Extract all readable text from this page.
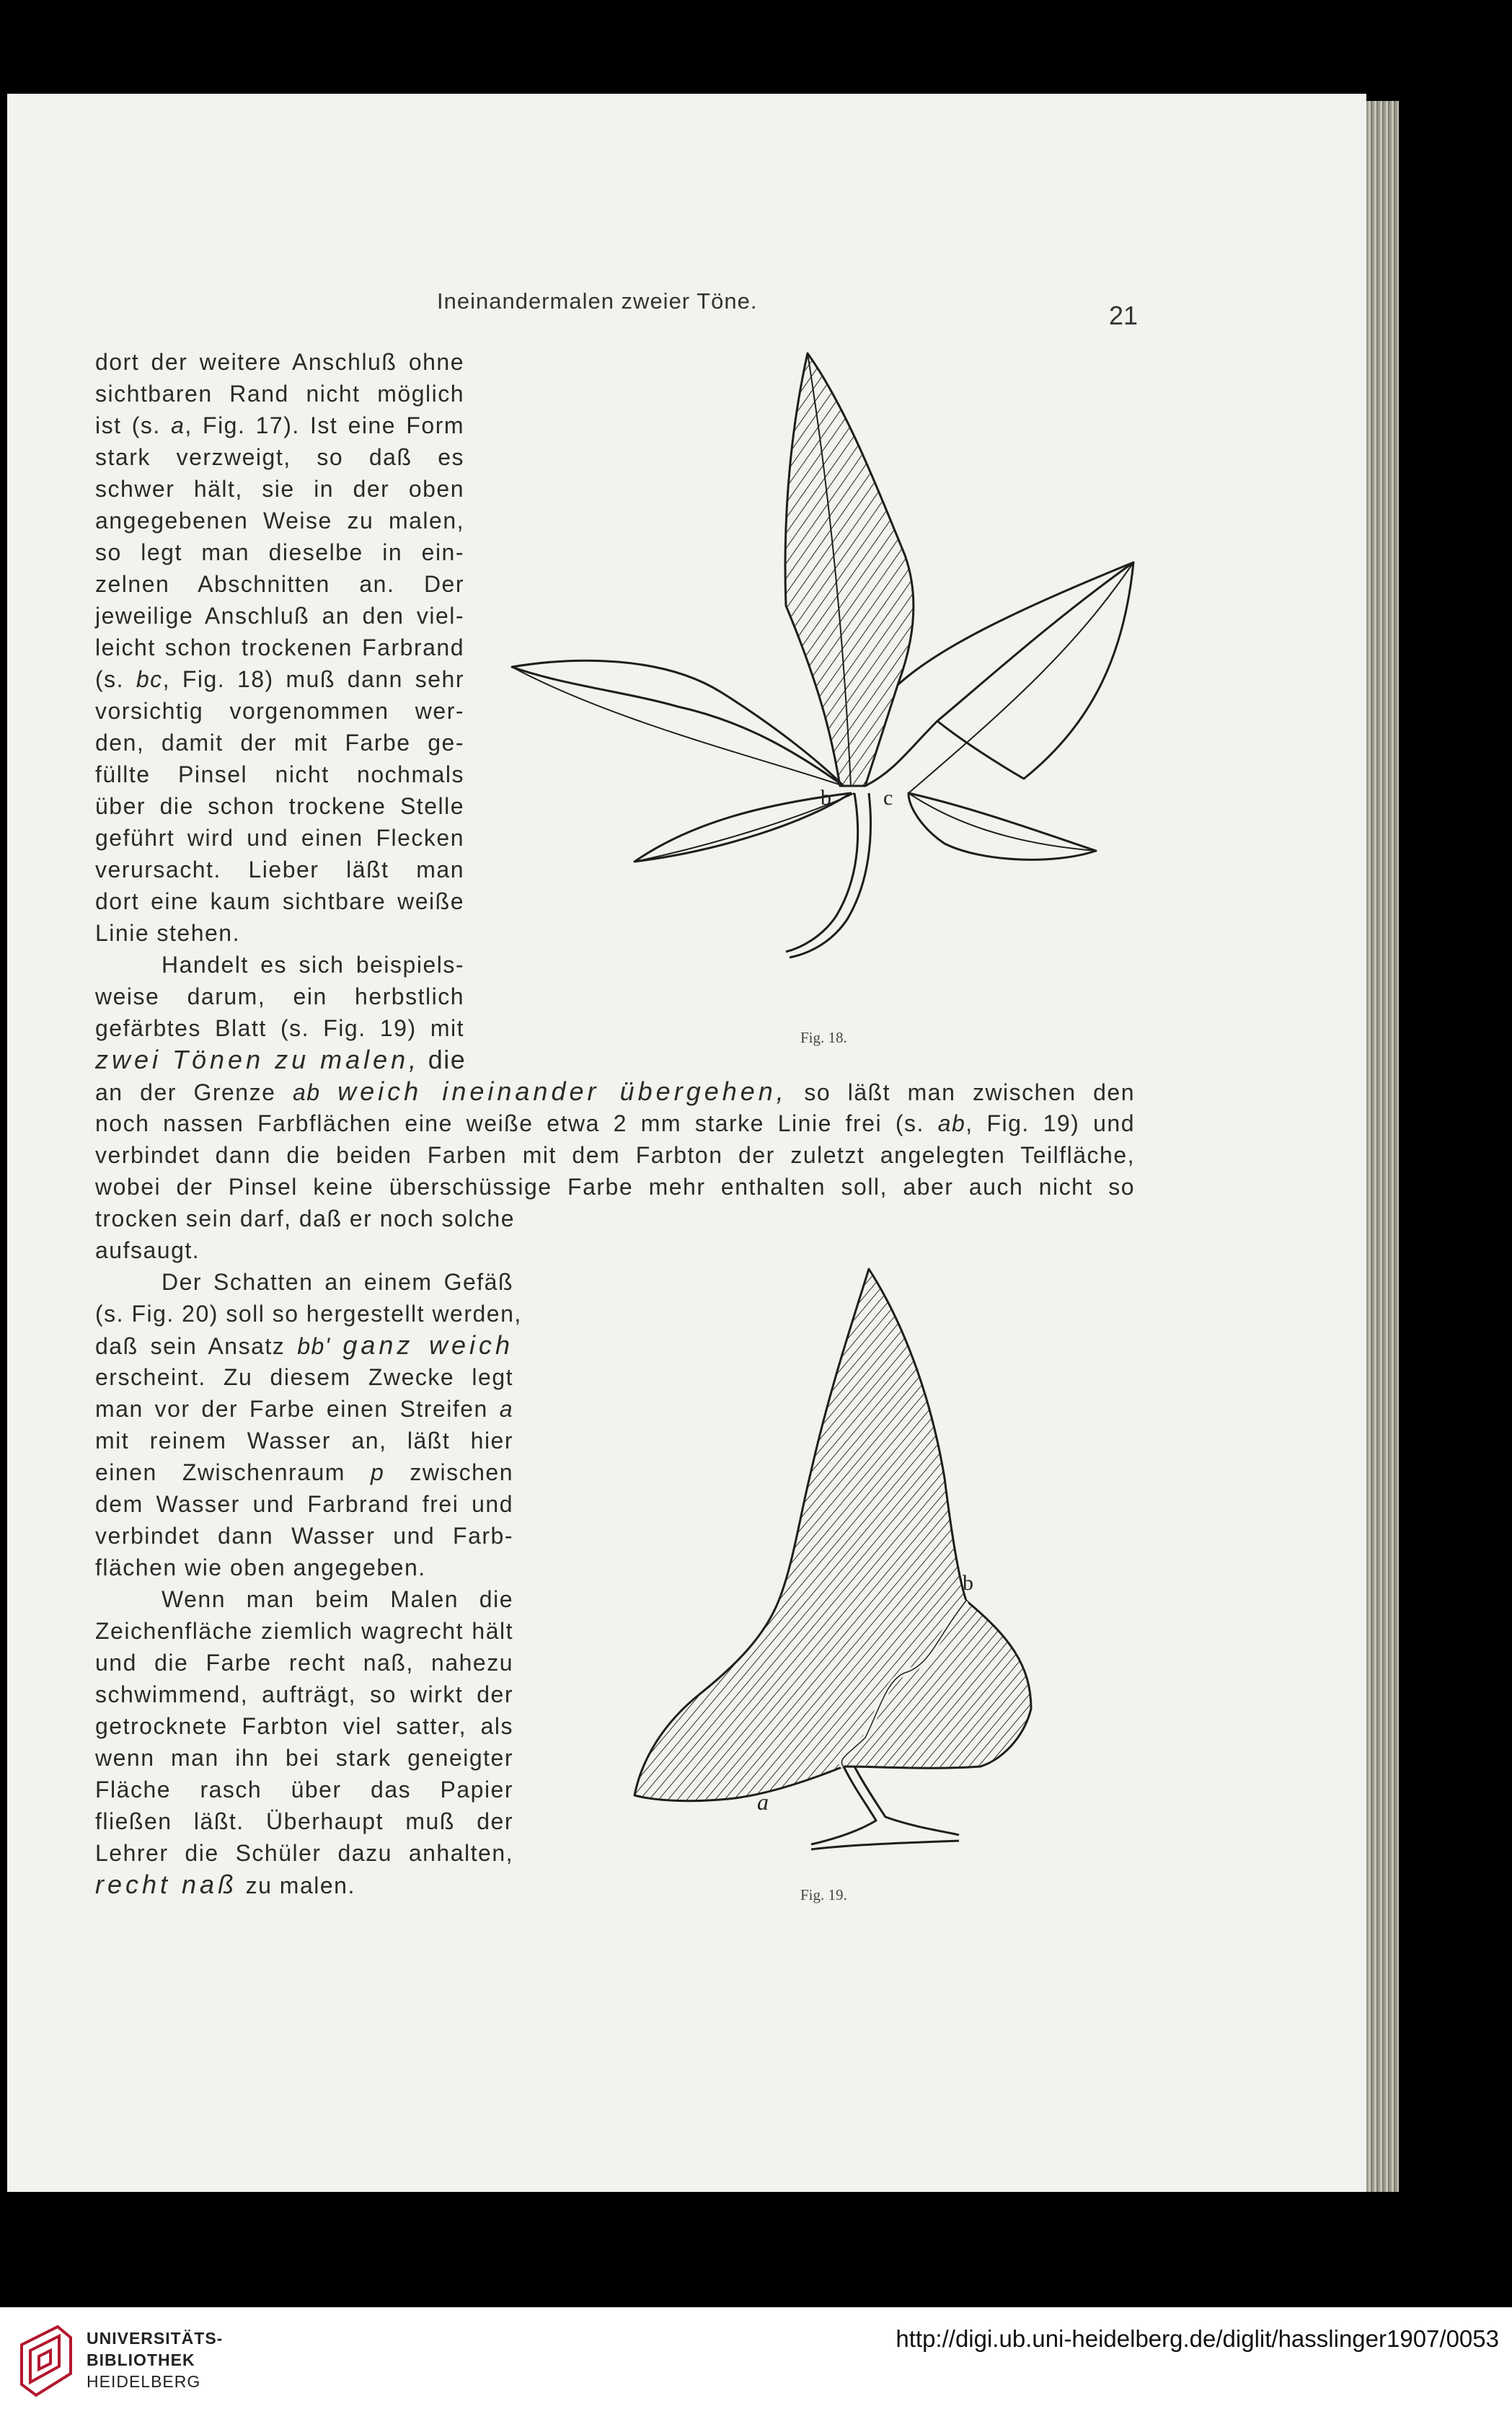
Ineinandermalen zweier Töne.	21
dort der weitere Anschluß ohne
sichtbaren Rand nicht möglich
ist (s. a, Fig. 17). Ist eine Form
stark verzweigt, so daß es
schwer hält, sie in der oben
angegebenen Weise zu malen,
so legt man dieselbe in ein-
zelnen Abschnitten an. Der
jeweilige Anschluß an den viel-
leicht schon trockenen Farbrand
(s. bc, Fig. 18) muß dann sehr
vorsichtig vorgenommen wer-
den, damit der mit Farbe ge-
füllte Pinsel nicht nochmals
über die schon trockene Stelle
geführt wird und einen Flecken
verursacht. Lieber läßt man
dort eine kaum sichtbare weiße
Linie stehen.
Handelt es sich beispiels-
weise darum, ein herbstlich
gefärbtes Blatt (s. Fig. 19) mit
zwei Tönen zu malen, die
an der Grenze ab weich ineinander übergehen, so läßt man zwischen den
noch nassen Farbflächen eine weiße etwa 2 mm starke Linie frei (s. ab, Fig. 19) und
verbindet dann die beiden Farben mit dem Farbton der zuletzt angelegten Teilfläche,
wobei der Pinsel keine überschüssige Farbe mehr enthalten soll, aber auch nicht so
trocken sein darf, daß er noch solche
aufsaugt.
Der Schatten an einem Gefäß
(s. Fig. 20) soll so hergestellt werden,
daß sein Ansatz bb' ganz weich
erscheint. Zu diesem Zwecke legt
man vor der Farbe einen Streifen a
mit reinem Wasser an, läßt hier
einen Zwischenraum p zwischen
dem Wasser und Farbrand frei und
verbindet dann Wasser und Farb-
flächen wie oben angegeben.
Wenn man beim Malen die
Zeichenfläche ziemlich wagrecht hält
und die Farbe recht naß, nahezu
schwimmend, aufträgt, so wirkt der
getrocknete Farbton viel satter, als
wenn man ihn bei stark geneigter
Fläche rasch über das Papier
fließen läßt. Überhaupt muß der
Lehrer die Schüler dazu anhalten,
recht naß zu malen.
b c
Fig. 18.
a
b
Fig. 19.
UNIVERSITÄTS-
BIBLIOTHEK
HEIDELBERG
http://digi.ub.uni-heidelberg.de/diglit/hasslinger1907/0053
